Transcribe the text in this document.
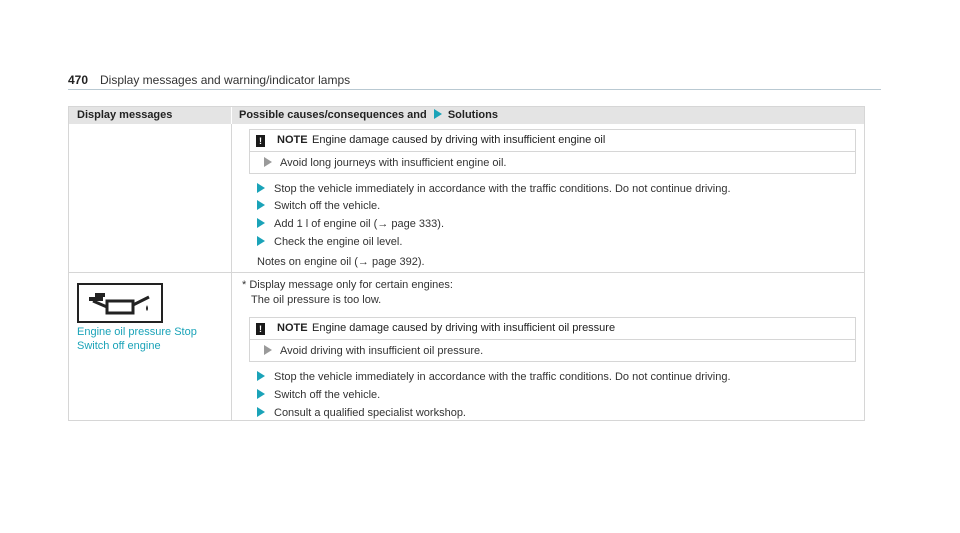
470 Display messages and warning/indicator lamps
Display messages	Possible causes/consequences and Solutions
! NOTE Engine damage caused by driving with insufficient engine oil
Avoid long journeys with insufficient engine oil.
Stop the vehicle immediately in accordance with the traffic conditions. Do not continue driving.
Switch off the vehicle.
Add 1 l of engine oil (→ page 333).
Check the engine oil level.
Notes on engine oil (→ page 392).
Engine oil pressure Stop
Switch off engine
* Display message only for certain engines:
The oil pressure is too low.
! NOTE Engine damage caused by driving with insufficient oil pressure
Avoid driving with insufficient oil pressure.
Stop the vehicle immediately in accordance with the traffic conditions. Do not continue driving.
Switch off the vehicle.
Consult a qualified specialist workshop.
